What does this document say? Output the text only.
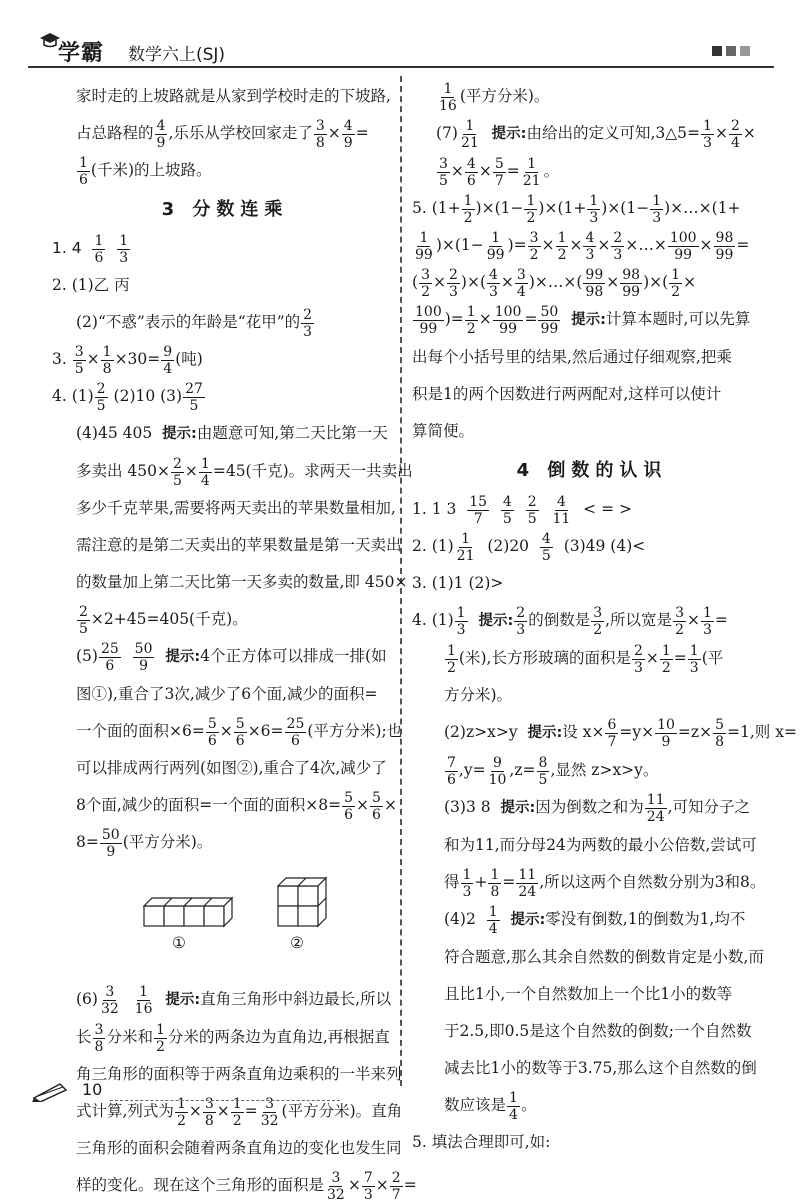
学霸 数学六上(SJ)

家时走的上坡路就是从家到学校时走的下坡路,

占总路程的 $\frac{4}{9}$ ,乐乐从学校回家走了 $\frac{3}{8} \times \frac{4}{9}$ =

$\frac{1}{6}$ (千米)的上坡路。

3 分数连乘

1. $4 \frac{1}{6}$
$\frac{1}{3}$

2. (1)乙 丙

(2)“不惑”表示的年龄是“花甲”的 $\frac{2}{3}$

3. $\frac{3}{5} \times \frac{1}{8} \times 30= \frac{9}{4}$ (吨)

4. $(1) \frac{2}{5} (2)10$ $(3) \frac{27}{5}$

(4)45 405 提示:由题意可知,第二天比第一天

多卖出 $450\times \frac{2}{5} \times \frac{1}{4} =45$(千克)。求两天一共卖出

多少千克苹果,需要将两天卖出的苹果数量相加,

需注意的是第二天卖出的苹果数量是第一天卖出

的数量加上第二天比第一天多卖的数量,即 450×

$\frac{2}{5} \times 2+45=405$(千克)。

$(5) \frac{25}{6}$
$\frac{50}{9}$ 提示:4个正方体可以排成一排(如

图①),重合了3次,减少了6个面,减少的面积=

一个面的面积$\times 6= \frac{5}{6} \times \frac{5}{6} \times 6= \frac{25}{6}$ (平方分米);也

可以排成两行两列(如图②),重合了4次,减少了

8个面,减少的面积=一个面的面积$\times 8= \frac{5}{6} \times \frac{5}{6}$ ×

$8= \frac{50}{9}$ (平方分米)。

①	②

$(6) \frac{3}{32}$
$\frac{1}{16}$ 提示:直角三角形中斜边最长,所以

长 $\frac{3}{8}$ 分米和 $\frac{1}{2}$ 分米的两条边为直角边,再根据直

角三角形的面积等于两条直角边乘积的一半来列

式计算,列式为 $\frac{1}{2} \times \frac{3}{8} \times \frac{1}{2} = \frac{3}{32}$ (平方分米)。直角

三角形的面积会随着两条直角边的变化也发生同

样的变化。现在这个三角形的面积是 $\frac{3}{32} \times \frac{7}{3} \times \frac{2}{7}$ =

$\frac{1}{16}$ (平方分米)。

$(7) \frac{1}{21}$ 提示:由给出的定义可知,3△5= $\frac{1}{3} \times \frac{2}{4}$ ×

$\frac{3}{5} \times \frac{4}{6} \times \frac{5}{7} = \frac{1}{21}$ 。

5. $(1+ \frac{1}{2} )\times(1- \frac{1}{2} )\times(1+ \frac{1}{3} )\times(1- \frac{1}{3}$ )×…×(1+

$\frac{1}{99} )\times(1- \frac{1}{99}$ )= $\frac{3}{2} \times \frac{1}{2} \times \frac{4}{3} \times \frac{2}{3}$ ×…× $\frac{100}{99} \times \frac{98}{99}$ =

( $\frac{3}{2} \times \frac{2}{3}$ )×( $\frac{4}{3} \times \frac{3}{4}$ )×…×( $\frac{99}{98} \times \frac{98}{99}$ )×( $\frac{1}{2}$ ×

$\frac{100}{99}$ )= $\frac{1}{2} \times \frac{100}{99} = \frac{50}{99}$ 提示:计算本题时,可以先算

出每个小括号里的结果,然后通过仔细观察,把乘

积是1的两个因数进行两两配对,这样可以使计

算简便。

4 倒数的认识

1. 1 $3 \frac{15}{7}$
$\frac{4}{5}$
$\frac{2}{5}$
$\frac{4}{11}$ < = >

2. $(1) \frac{1}{21} (2)20 \frac{4}{5} (3)49$ (4)<

3. (1)1 (2)>

4. $(1) \frac{1}{3}$ 提示: $\frac{2}{3}$ 的倒数是 $\frac{3}{2}$ ,所以宽是 $\frac{3}{2} \times \frac{1}{3}$ =

$\frac{1}{2}$ (米),长方形玻璃的面积是 $\frac{2}{3} \times \frac{1}{2} = \frac{1}{3}$ (平

方分米)。

(2)z>x>y 提示:设 $x\times \frac{6}{7} =y\times \frac{10}{9} =z\times \frac{5}{8} =1$,则 x=

$\frac{7}{6} ,y= \frac{9}{10} ,z= \frac{8}{5}$ ,显然 z>x>y。

(3)3 8 提示:因为倒数之和为 $\frac{11}{24}$ ,可知分子之

和为11,而分母24为两数的最小公倍数,尝试可

得 $\frac{1}{3} + \frac{1}{8} = \frac{11}{24}$ ,所以这两个自然数分别为3和8。

$(4)2 \frac{1}{4}$ 提示:零没有倒数,1的倒数为1,均不

符合题意,那么其余自然数的倒数肯定是小数,而

且比1小,一个自然数加上一个比1小的数等

于2.5,即0.5是这个自然数的倒数;一个自然数

减去比1小的数等于3.75,那么这个自然数的倒

数应该是 $\frac{1}{4}$ 。

5. 填法合理即可,如:

10
